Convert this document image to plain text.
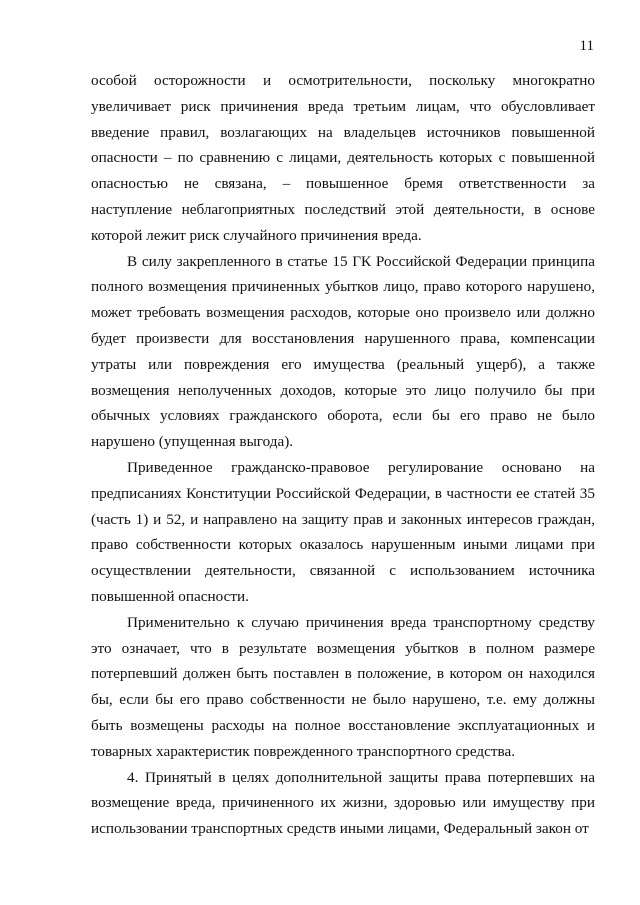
11

особой осторожности и осмотрительности, поскольку многократно увеличивает риск причинения вреда третьим лицам, что обусловливает введение правил, возлагающих на владельцев источников повышенной опасности – по сравнению с лицами, деятельность которых с повышенной опасностью не связана, – повышенное бремя ответственности за наступление неблагоприятных последствий этой деятельности, в основе которой лежит риск случайного причинения вреда.

В силу закрепленного в статье 15 ГК Российской Федерации принципа полного возмещения причиненных убытков лицо, право которого нарушено, может требовать возмещения расходов, которые оно произвело или должно будет произвести для восстановления нарушенного права, компенсации утраты или повреждения его имущества (реальный ущерб), а также возмещения неполученных доходов, которые это лицо получило бы при обычных условиях гражданского оборота, если бы его право не было нарушено (упущенная выгода).

Приведенное гражданско-правовое регулирование основано на предписаниях Конституции Российской Федерации, в частности ее статей 35 (часть 1) и 52, и направлено на защиту прав и законных интересов граждан, право собственности которых оказалось нарушенным иными лицами при осуществлении деятельности, связанной с использованием источника повышенной опасности.

Применительно к случаю причинения вреда транспортному средству это означает, что в результате возмещения убытков в полном размере потерпевший должен быть поставлен в положение, в котором он находился бы, если бы его право собственности не было нарушено, т.е. ему должны быть возмещены расходы на полное восстановление эксплуатационных и товарных характеристик поврежденного транспортного средства.

4. Принятый в целях дополнительной защиты права потерпевших на возмещение вреда, причиненного их жизни, здоровью или имуществу при использовании транспортных средств иными лицами, Федеральный закон от
